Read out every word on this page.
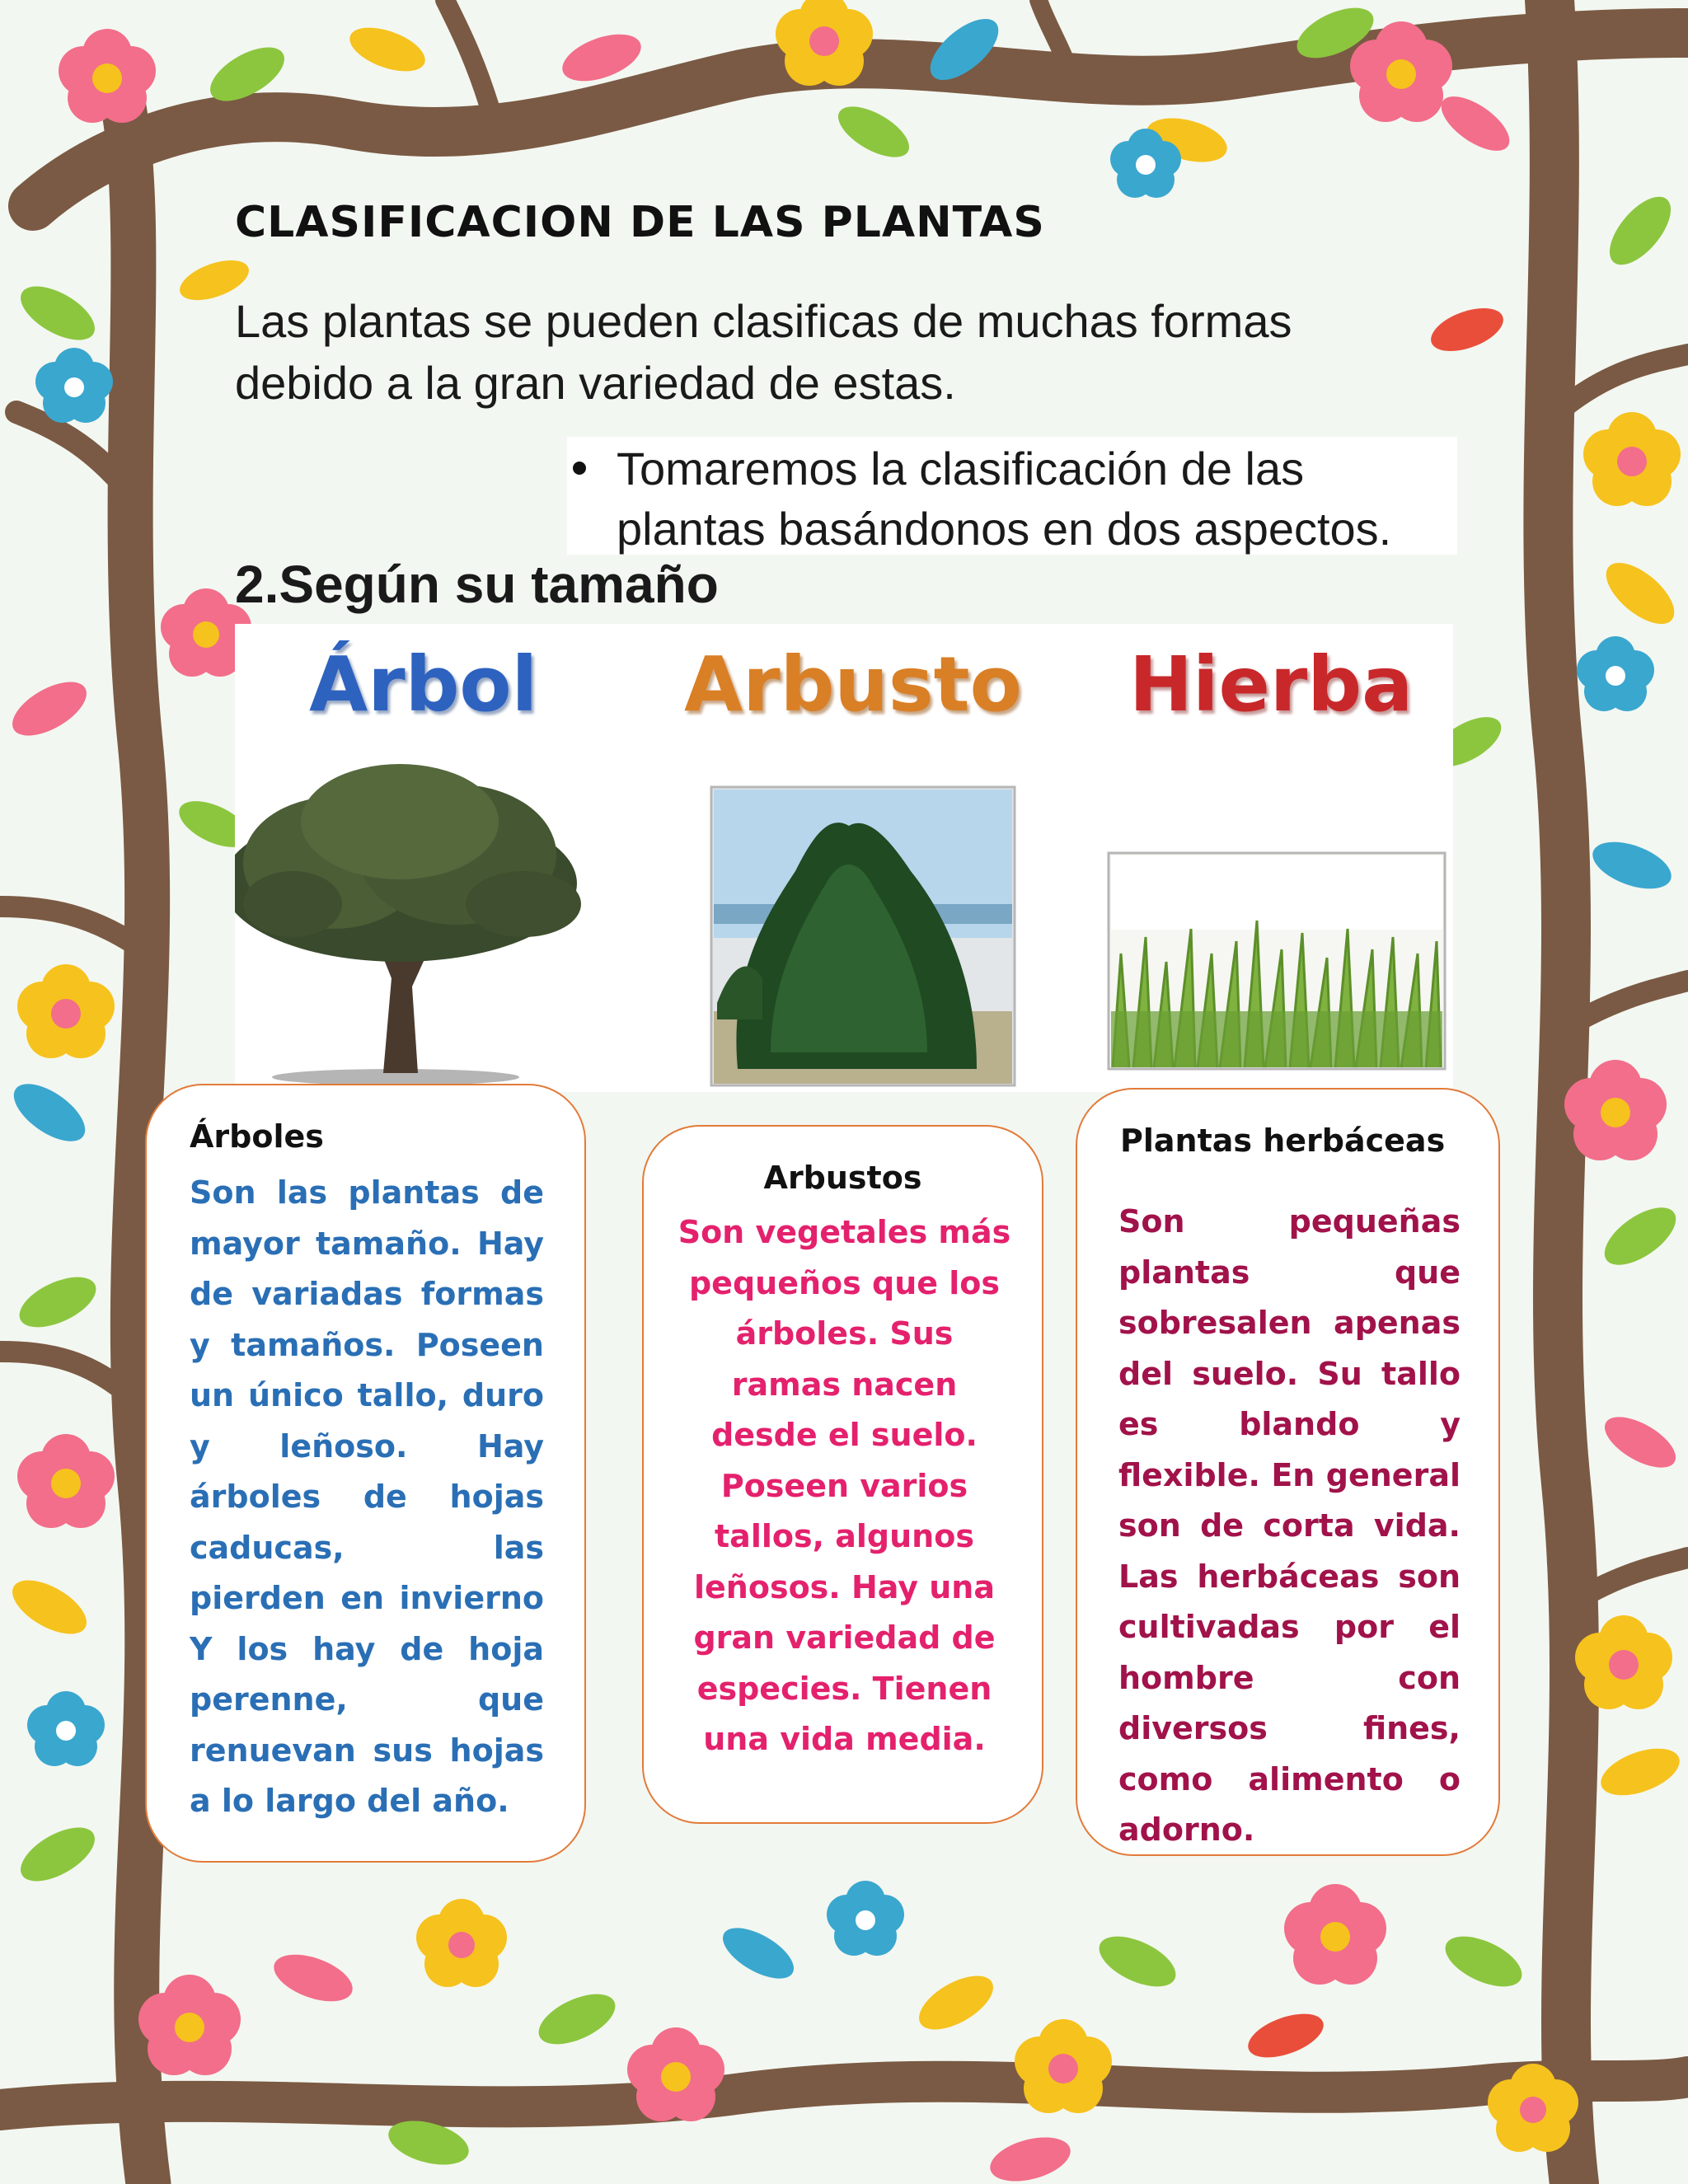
CLASIFICACION DE LAS PLANTAS
Las plantas se pueden clasificas de muchas formas debido a la gran variedad de estas.
Tomaremos la clasificación de las plantas basándonos en dos aspectos.
2.Según su tamaño
Árbol Arbusto Hierba
Árboles
Son las plantas de mayor tamaño. Hay de variadas formas y tamaños. Poseen un único tallo, duro y leñoso. Hay árboles de hojas caducas, las pierden en invierno Y los hay de hoja perenne, que renuevan sus hojas a lo largo del año.
Arbustos
Son vegetales más pequeños que los árboles. Sus ramas nacen desde el suelo. Poseen varios tallos, algunos leñosos. Hay una gran variedad de especies. Tienen una vida media.
Plantas herbáceas
Son pequeñas plantas que sobresalen apenas del suelo. Su tallo es blando y flexible. En general son de corta vida. Las herbáceas son cultivadas por el hombre con diversos fines, como alimento o adorno.
